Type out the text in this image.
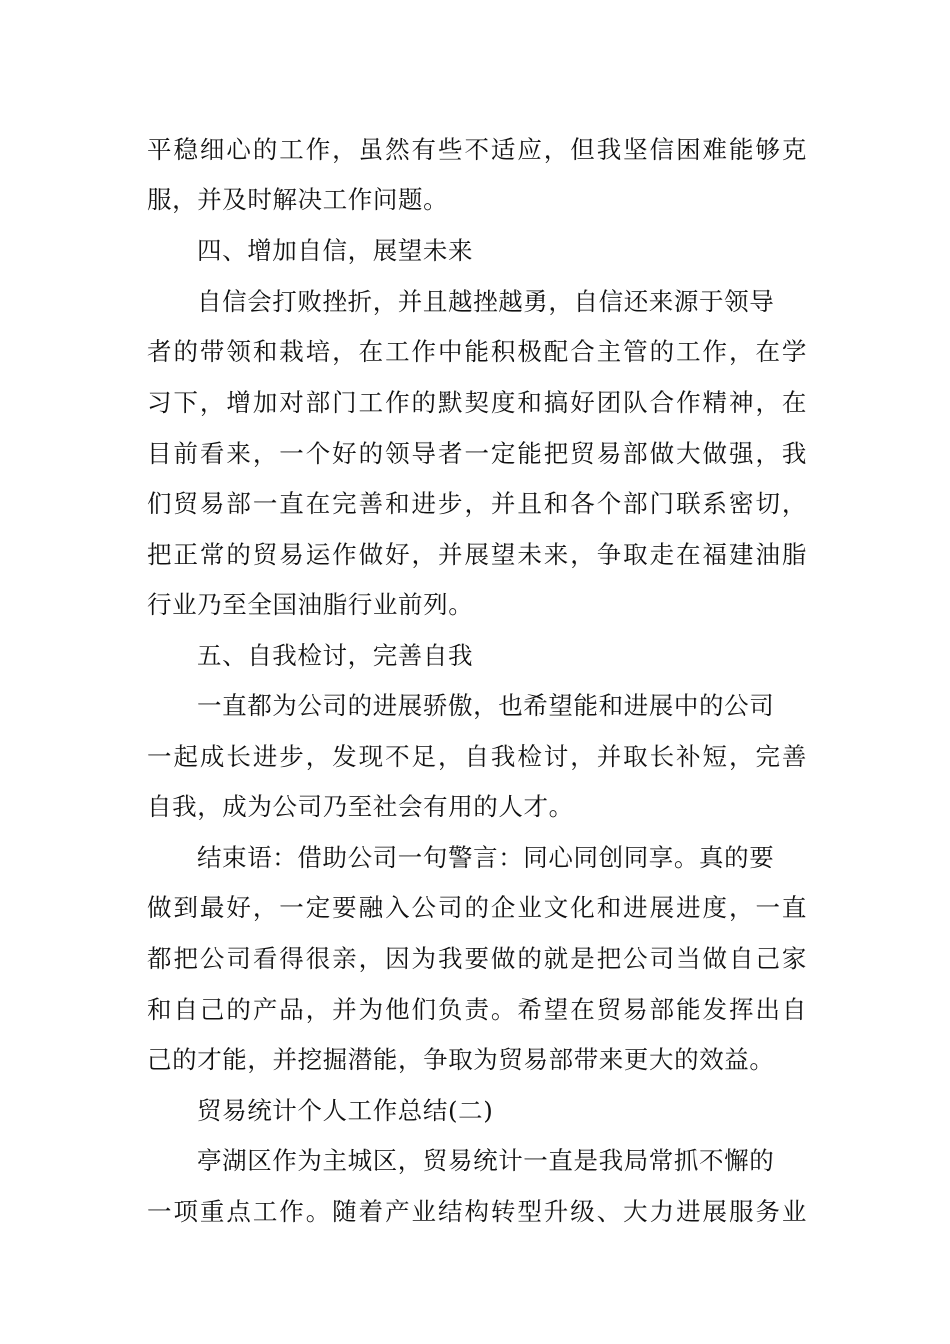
平稳细心的工作，虽然有些不适应，但我坚信困难能够克

服，并及时解决工作问题。

四、增加自信，展望未来

自信会打败挫折，并且越挫越勇，自信还来源于领导

者的带领和栽培，在工作中能积极配合主管的工作，在学

习下，增加对部门工作的默契度和搞好团队合作精神，在

目前看来，一个好的领导者一定能把贸易部做大做强，我

们贸易部一直在完善和进步，并且和各个部门联系密切，

把正常的贸易运作做好，并展望未来，争取走在福建油脂

行业乃至全国油脂行业前列。

五、自我检讨，完善自我

一直都为公司的进展骄傲，也希望能和进展中的公司

一起成长进步，发现不足，自我检讨，并取长补短，完善

自我，成为公司乃至社会有用的人才。

结束语：借助公司一句警言：同心同创同享。真的要

做到最好，一定要融入公司的企业文化和进展进度，一直

都把公司看得很亲，因为我要做的就是把公司当做自己家

和自己的产品，并为他们负责。希望在贸易部能发挥出自

己的才能，并挖掘潜能，争取为贸易部带来更大的效益。

贸易统计个人工作总结(二)

亭湖区作为主城区，贸易统计一直是我局常抓不懈的

一项重点工作。随着产业结构转型升级、大力进展服务业
